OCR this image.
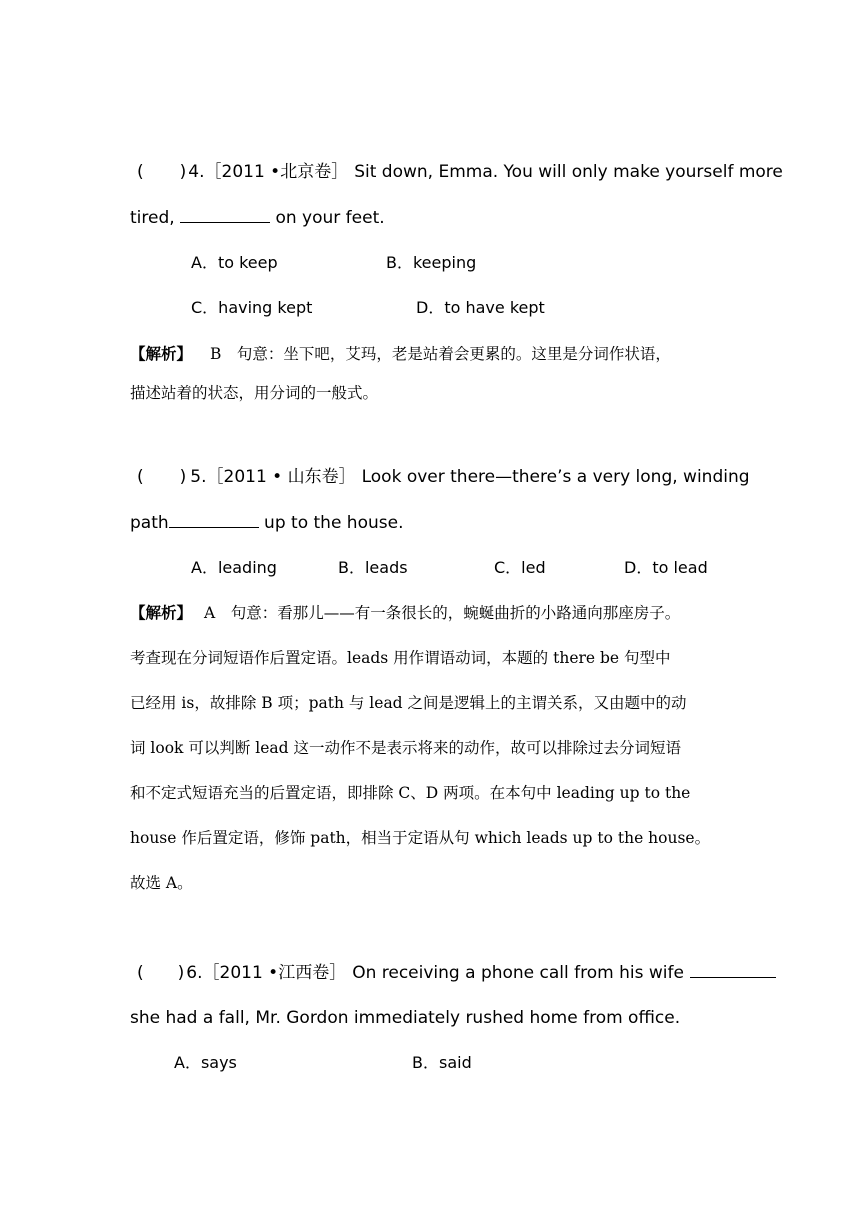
( ) 4.［2011 •北京卷］ Sit down, Emma. You will only make yourself more
tired,	on your feet.
A．to keep	B．keeping
C．having kept	D．to have kept
【解析】 B　句意：坐下吧，艾玛，老是站着会更累的。这里是分词作状语，
描述站着的状态，用分词的一般式。
( ) 5.［2011 • 山东卷］ Look over there—there’s a very long, winding
path	up to the house.
A．leading	B．leads	C．led	D．to lead
【解析】 A　句意：看那儿——有一条很长的，蜿蜒曲折的小路通向那座房子。
考查现在分词短语作后置定语。leads 用作谓语动词，本题的 there be 句型中
已经用 is，故排除 B 项；path 与 lead 之间是逻辑上的主谓关系，又由题中的动
词 look 可以判断 lead 这一动作不是表示将来的动作，故可以排除过去分词短语
和不定式短语充当的后置定语，即排除 C、D 两项。在本句中 leading up to the
house 作后置定语，修饰 path，相当于定语从句 which leads up to the house。
故选 A。
( ) 6.［2011 •江西卷］ On receiving a phone call from his wife
she had a fall, Mr. Gordon immediately rushed home from office.
A．says	B．said
